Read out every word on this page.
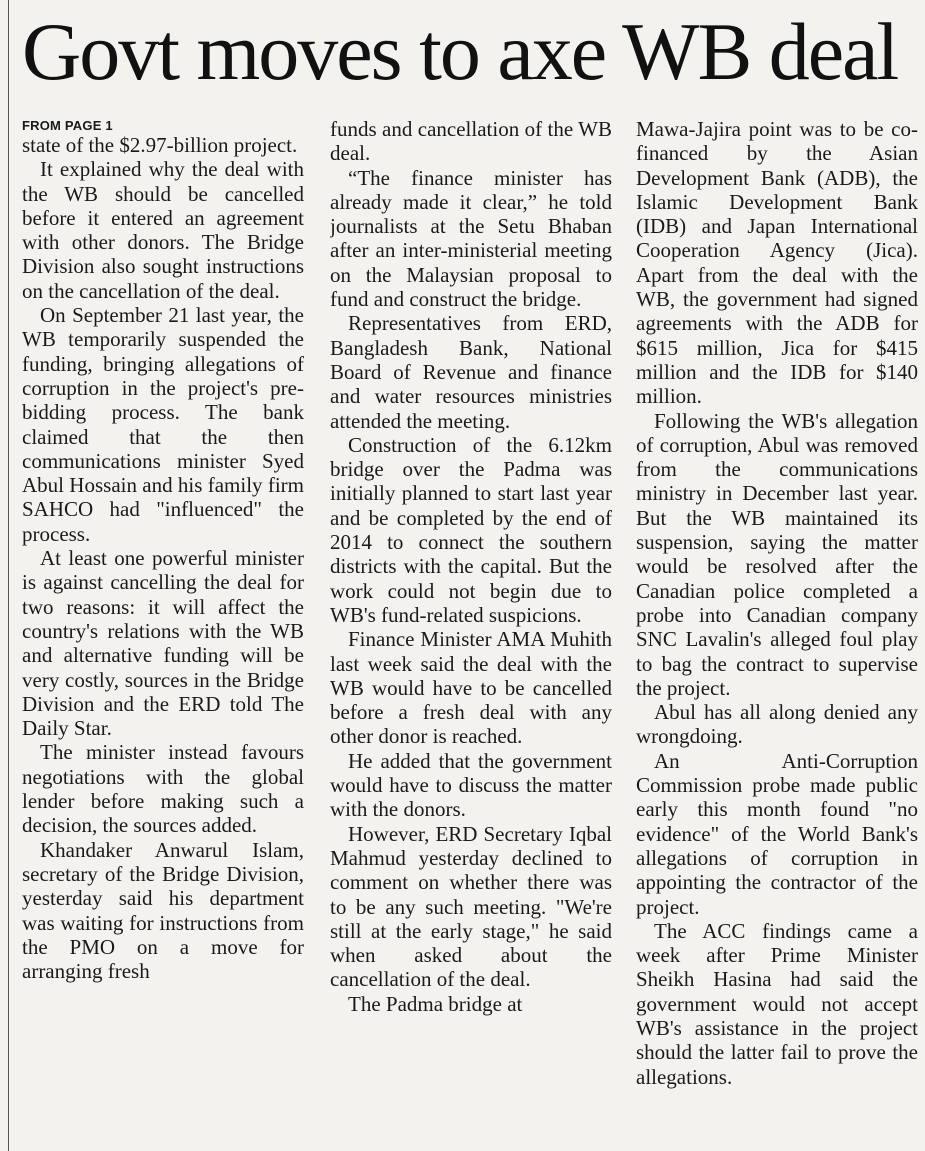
Govt moves to axe WB deal
FROM PAGE 1

state of the $2.97-billion project.

It explained why the deal with the WB should be cancelled before it entered an agreement with other donors. The Bridge Division also sought instructions on the cancellation of the deal.

On September 21 last year, the WB temporarily suspended the funding, bringing allegations of corruption in the project's pre-bidding process. The bank claimed that the then communications minister Syed Abul Hossain and his family firm SAHCO had "influenced" the process.

At least one powerful minister is against cancelling the deal for two reasons: it will affect the country's relations with the WB and alternative funding will be very costly, sources in the Bridge Division and the ERD told The Daily Star.

The minister instead favours negotiations with the global lender before making such a decision, the sources added.

Khandaker Anwarul Islam, secretary of the Bridge Division, yesterday said his department was waiting for instructions from the PMO on a move for arranging fresh

funds and cancellation of the WB deal.

“The finance minister has already made it clear,” he told journalists at the Setu Bhaban after an inter-ministerial meeting on the Malaysian proposal to fund and construct the bridge.

Representatives from ERD, Bangladesh Bank, National Board of Revenue and finance and water resources ministries attended the meeting.

Construction of the 6.12km bridge over the Padma was initially planned to start last year and be completed by the end of 2014 to connect the southern districts with the capital. But the work could not begin due to WB's fund-related suspicions.

Finance Minister AMA Muhith last week said the deal with the WB would have to be cancelled before a fresh deal with any other donor is reached.

He added that the government would have to discuss the matter with the donors.

However, ERD Secretary Iqbal Mahmud yesterday declined to comment on whether there was to be any such meeting. "We're still at the early stage," he said when asked about the cancellation of the deal.

The Padma bridge at

Mawa-Jajira point was to be co-financed by the Asian Development Bank (ADB), the Islamic Development Bank (IDB) and Japan International Cooperation Agency (Jica). Apart from the deal with the WB, the government had signed agreements with the ADB for $615 million, Jica for $415 million and the IDB for $140 million.

Following the WB's allegation of corruption, Abul was removed from the communications ministry in December last year. But the WB maintained its suspension, saying the matter would be resolved after the Canadian police completed a probe into Canadian company SNC Lavalin's alleged foul play to bag the contract to supervise the project.

Abul has all along denied any wrongdoing.

An Anti-Corruption Commission probe made public early this month found "no evidence" of the World Bank's allegations of corruption in appointing the contractor of the project.

The ACC findings came a week after Prime Minister Sheikh Hasina had said the government would not accept WB's assistance in the project should the latter fail to prove the allegations.
